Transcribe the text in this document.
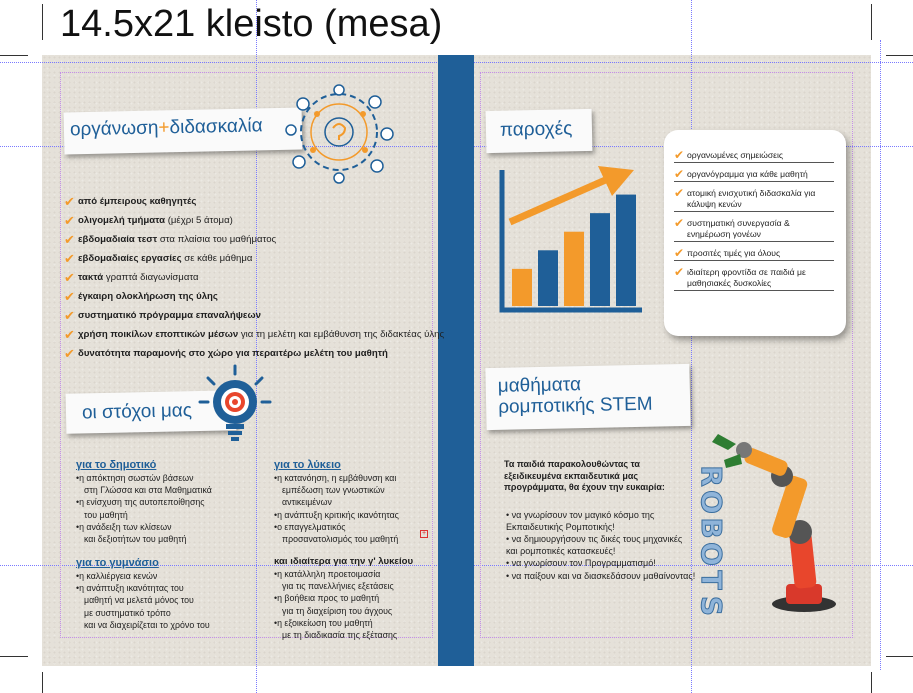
14.5x21 kleisto (mesa)
οργάνωση+διδασκαλία
✔ από έμπειρους καθηγητές
✔ ολιγομελή τμήματα (μέχρι 5 άτομα)
✔ εβδομαδιαία τεστ στα πλαίσια του μαθήματος
✔ εβδομαδιαίες εργασίες σε κάθε μάθημα
✔ τακτά γραπτά διαγωνίσματα
✔ έγκαιρη ολοκλήρωση της ύλης
✔ συστηματικό πρόγραμμα επαναλήψεων
✔ χρήση ποικίλων εποπτικών μέσων για τη μελέτη και εμβάθυνση της διδακτέας ύλης
✔ δυνατότητα παραμονής στο χώρο για περαιτέρω μελέτη του μαθητή
οι στόχοι μας
για το δημοτικό
•η απόκτηση σωστών βάσεων
στη Γλώσσα και στα Μαθηματικά
•η ενίσχυση της αυτοπεποίθησης
του μαθητή
•η ανάδειξη των κλίσεων
και δεξιοτήτων του μαθητή
για το γυμνάσιο
•η καλλιέργεια κενών
•η ανάπτυξη ικανότητας του
μαθητή να μελετά μόνος του
με συστηματικό τρόπο
και να διαχειρίζεται το χρόνο του
για το λύκειο
•η κατανόηση, η εμβάθυνση και
εμπέδωση των γνωστικών
αντικειμένων
•η ανάπτυξη κριτικής ικανότητας
•ο επαγγελματικός
προσανατολισμός του μαθητή
και ιδιαίτερα για την γ' λυκείου
•η κατάλληλη προετοιμασία
για τις πανελλήνιες εξετάσεις
•η βοήθεια προς το μαθητή
για τη διαχείριση του άγχους
•η εξοικείωση του μαθητή
με τη διαδικασία της εξέτασης
+
παροχές
✔ οργανωμένες σημειώσεις
✔ οργανόγραμμα για κάθε μαθητή
✔ ατομική ενισχυτική διδασκαλία για κάλυψη κενών
✔ συστηματική συνεργασία & ενημέρωση γονέων
✔ προσιτές τιμές για όλους
✔ ιδιαίτερη φροντίδα σε παιδιά με μαθησιακές δυσκολίες
μαθήματα
ρομποτικής STEM
Τα παιδιά παρακολουθώντας τα εξειδικευμένα εκπαιδευτικά μας προγράμματα, θα έχουν την ευκαιρία:
• να γνωρίσουν τον μαγικό κόσμο της Εκπαιδευτικής Ρομποτικής!
• να δημιουργήσουν τις δικές τους μηχανικές και ρομποτικές κατασκευές!
• να γνωρίσουν τον Προγραμματισμό!
• να παίξουν και να διασκεδάσουν μαθαίνοντας!
R
O
B
O
T
S
